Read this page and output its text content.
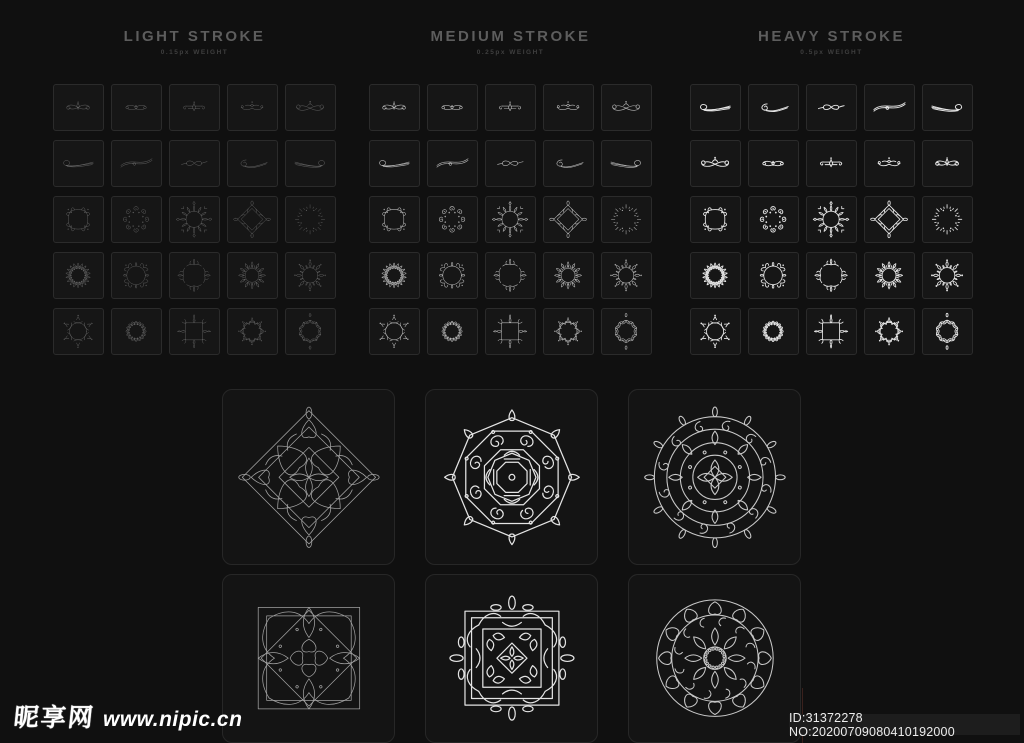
LIGHT STROKE
0.15px WEIGHT
MEDIUM STROKE
0.25px WEIGHT
HEAVY STROKE
0.5px WEIGHT
昵享网 www.nipic.cn	ID:31372278 NO:20200709080410192000
